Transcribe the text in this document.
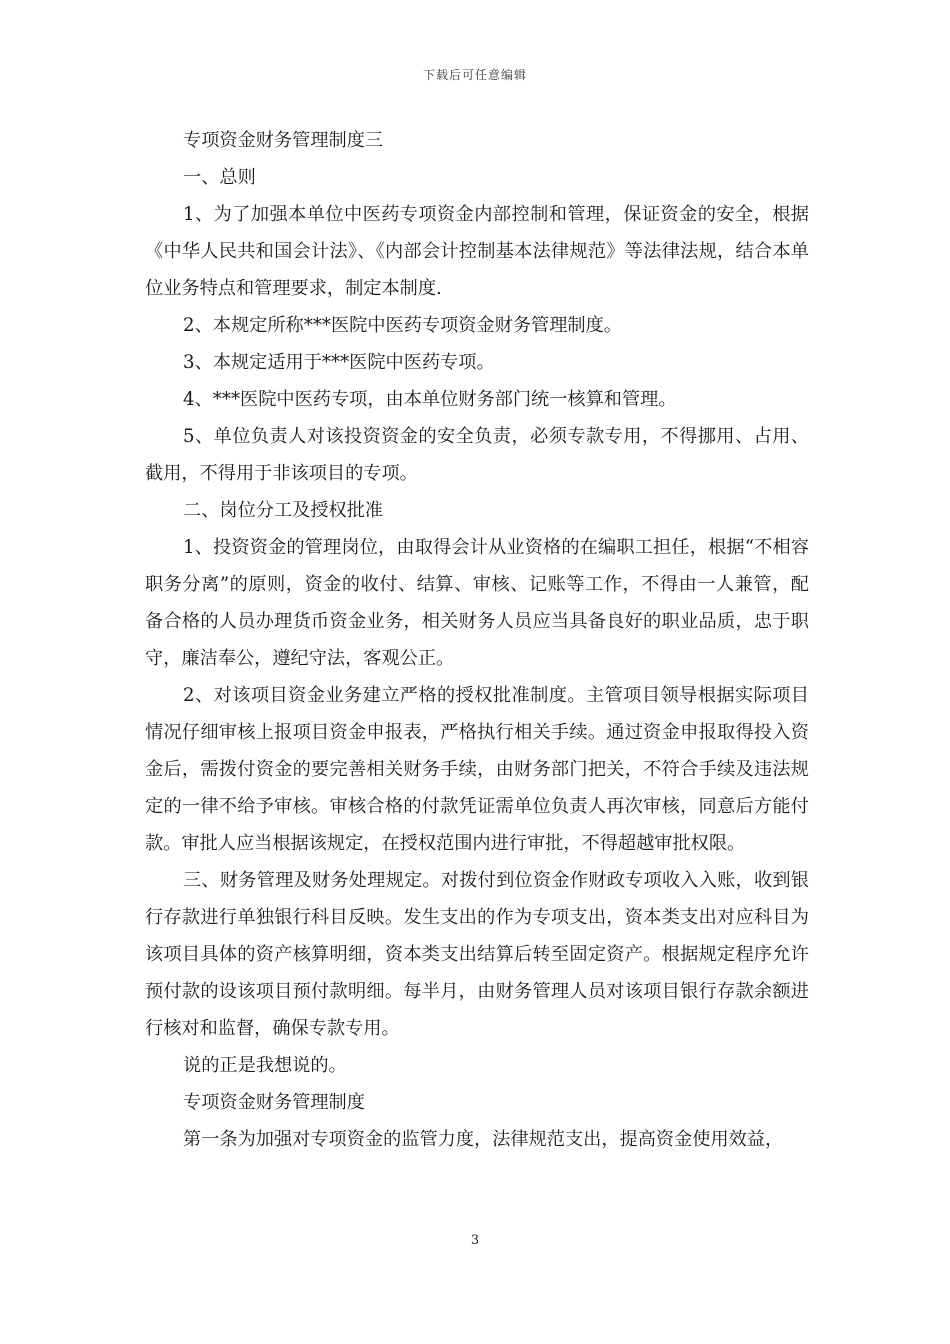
下载后可任意编辑

专项资金财务管理制度三

一、总则

1、为了加强本单位中医药专项资金内部控制和管理，保证资金的安全，根据《中华人民共和国会计法》、《内部会计控制基本法律规范》等法律法规，结合本单位业务特点和管理要求，制定本制度.

2、本规定所称***医院中医药专项资金财务管理制度。

3、本规定适用于***医院中医药专项。

4、***医院中医药专项，由本单位财务部门统一核算和管理。

5、单位负责人对该投资资金的安全负责，必须专款专用，不得挪用、占用、截用，不得用于非该项目的专项。

二、岗位分工及授权批准

1、投资资金的管理岗位，由取得会计从业资格的在编职工担任，根据“不相容职务分离”的原则，资金的收付、结算、审核、记账等工作，不得由一人兼管，配备合格的人员办理货币资金业务，相关财务人员应当具备良好的职业品质，忠于职守，廉洁奉公，遵纪守法，客观公正。

2、对该项目资金业务建立严格的授权批准制度。主管项目领导根据实际项目情况仔细审核上报项目资金申报表，严格执行相关手续。通过资金申报取得投入资金后，需拨付资金的要完善相关财务手续，由财务部门把关，不符合手续及违法规定的一律不给予审核。审核合格的付款凭证需单位负责人再次审核，同意后方能付款。审批人应当根据该规定，在授权范围内进行审批，不得超越审批权限。

三、财务管理及财务处理规定。对拨付到位资金作财政专项收入入账，收到银行存款进行单独银行科目反映。发生支出的作为专项支出，资本类支出对应科目为该项目具体的资产核算明细，资本类支出结算后转至固定资产。根据规定程序允许预付款的设该项目预付款明细。每半月，由财务管理人员对该项目银行存款余额进行核对和监督，确保专款专用。

说的正是我想说的。

专项资金财务管理制度

第一条为加强对专项资金的监管力度，法律规范支出，提高资金使用效益，

3
